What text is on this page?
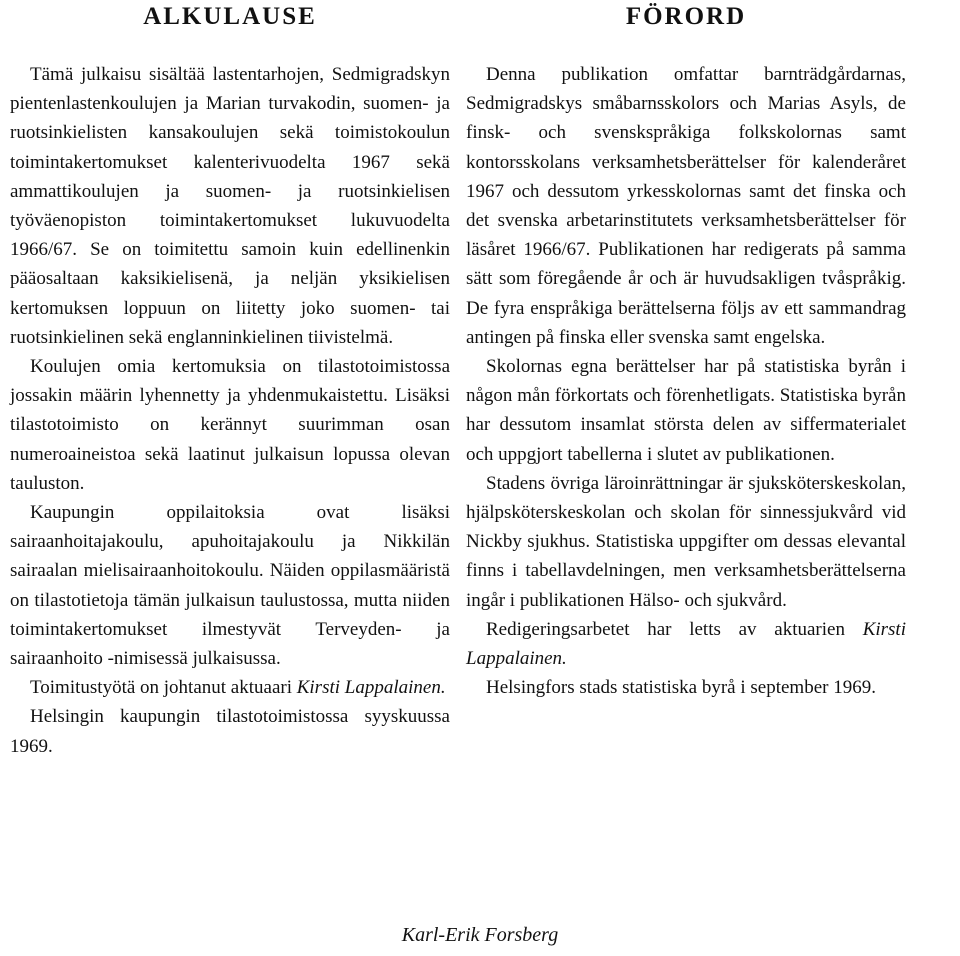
ALKULAUSE

Tämä julkaisu sisältää lastentarhojen, Sedmigradskyn pientenlastenkoulujen ja Marian turvakodin, suomen- ja ruotsinkielisten kansakoulujen sekä toimistokoulun toimintakertomukset kalenterivuodelta 1967 sekä ammattikoulujen ja suomen- ja ruotsinkielisen työväenopiston toimintakertomukset lukuvuodelta 1966/67. Se on toimitettu samoin kuin edellinenkin pääosaltaan kaksikielisenä, ja neljän yksikielisen kertomuksen loppuun on liitetty joko suomen- tai ruotsinkielinen sekä englanninkielinen tiivistelmä.

Koulujen omia kertomuksia on tilastotoimistossa jossakin määrin lyhennetty ja yhdenmukaistettu. Lisäksi tilastotoimisto on kerännyt suurimman osan numeroaineistoa sekä laatinut julkaisun lopussa olevan tauluston.

Kaupungin oppilaitoksia ovat lisäksi sairaanhoitajakoulu, apuhoitajakoulu ja Nikkilän sairaalan mielisairaanhoitokoulu. Näiden oppilasmääristä on tilastotietoja tämän julkaisun taulustossa, mutta niiden toimintakertomukset ilmestyvät Terveyden- ja sairaanhoito -nimisessä julkaisussa.

Toimitustyötä on johtanut aktuaari Kirsti Lappalainen.

Helsingin kaupungin tilastotoimistossa syyskuussa 1969.

FÖRORD

Denna publikation omfattar barnträdgårdarnas, Sedmigradskys småbarnsskolors och Marias Asyls, de finsk- och svenskspråkiga folkskolornas samt kontorsskolans verksamhetsberättelser för kalenderåret 1967 och dessutom yrkesskolornas samt det finska och det svenska arbetarinstitutets verksamhetsberättelser för läsåret 1966/67. Publikationen har redigerats på samma sätt som föregående år och är huvudsakligen tvåspråkig. De fyra enspråkiga berättelserna följs av ett sammandrag antingen på finska eller svenska samt engelska.

Skolornas egna berättelser har på statistiska byrån i någon mån förkortats och förenhetligats. Statistiska byrån har dessutom insamlat största delen av siffermaterialet och uppgjort tabellerna i slutet av publikationen.

Stadens övriga läroinrättningar är sjuksköterskeskolan, hjälpsköterskeskolan och skolan för sinnessjukvård vid Nickby sjukhus. Statistiska uppgifter om dessas elevantal finns i tabellavdelningen, men verksamhetsberättelserna ingår i publikationen Hälso- och sjukvård.

Redigeringsarbetet har letts av aktuarien Kirsti Lappalainen.

Helsingfors stads statistiska byrå i september 1969.

Karl-Erik Forsberg
